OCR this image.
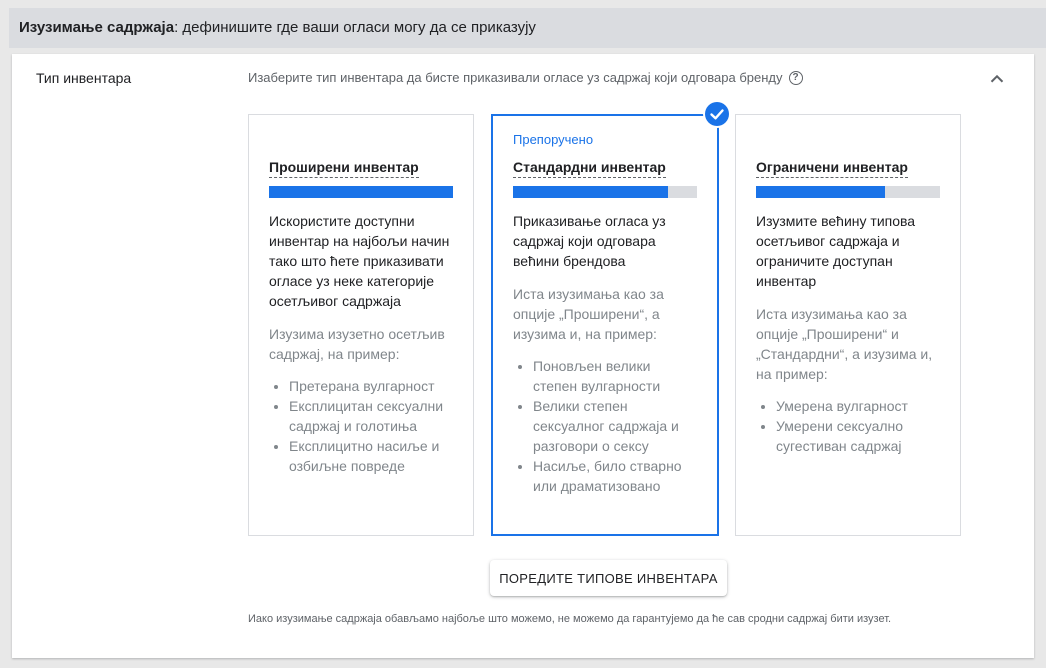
Изузимање садржаја: дефинишите где ваши огласи могу да се приказују
Тип инвентара	Изаберите тип инвентара да бисте приказивали огласе уз садржај који одговара бренду ?
Проширени инвентар
Искористите доступни инвентар на најбољи начин тако што ћете приказивати огласе уз неке категорије осетљивог садржаја
Изузима изузетно осетљив садржај, на пример:
• Претерана вулгарност
• Експлицитан сексуални садржај и голотиња
• Експлицитно насиље и озбиљне повреде
Препоручено
Стандардни инвентар
Приказивање огласа уз садржај који одговара већини брендова
Иста изузимања као за опције „Проширени“, а изузима и, на пример:
• Поновљен велики степен вулгарности
• Велики степен сексуалног садржаја и разговори о сексу
• Насиље, било стварно или драматизовано
Ограничени инвентар
Изузмите већину типова осетљивог садржаја и ограничите доступан инвентар
Иста изузимања као за опције „Проширени“ и „Стандардни“, а изузима и, на пример:
• Умерена вулгарност
• Умерени сексуално сугестиван садржај
ПОРЕДИТЕ ТИПОВЕ ИНВЕНТАРА
Иако изузимање садржаја обављамо најбоље што можемо, не можемо да гарантујемо да ће сав сродни садржај бити изузет.
